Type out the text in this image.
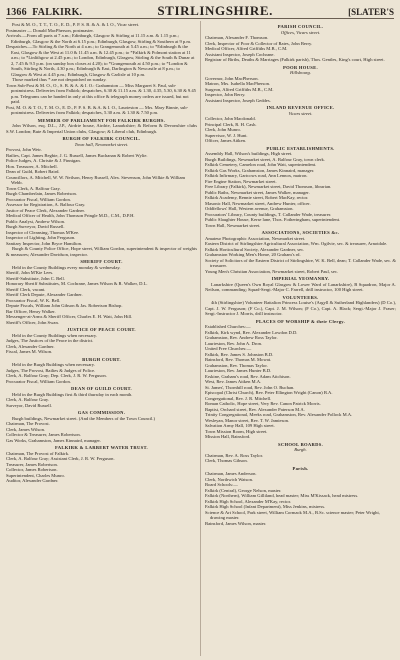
1366 FALKIRK.	STIRLINGSHIRE.	[SLATER'S
Post & M. O., T. T., T. O., E. D., P. P. S. B. & A. & I. O., Vicar street.
Postmaster — Donald MacPherson, postmaster.
Arrivals.—From all parts at 7 a.m.; Edinburgh, Glasgow & Stirling at 11.15 a.m. & 1.15 p.m.; Edinburgh, Glasgow & the North at 6.15 p.m.; Edinburgh, Glasgow, Stirling & Southern at 9 p.m.
Despatches.—To Stirling & the North at 4 a.m.; to Grangemouth at 5.45 a.m.; to *Edinburgh & the East, Glasgow & the West at 11.0 & 11.45 a.m. & 12.45 p.m.; to *Falkirk & Polmont station at 11 a.m.; to *Linlithgow at 2.45 p.m.; to London, Edinburgh, Glasgow, Stirling & the South & Dunar at 2, 7.45 & 9.5 p.m. (on sunday box closes at 4.20); to *Grangemouth at 4.50 p.m.; to *London & South, Stirling & North, 4.30 p.m.; Edinburgh & East, Darlington & Newcastle at 8 p.m.; to Glasgow & West at 4.45 p.m.; Edinburgh, Glasgow & Carlisle at 10 p.m.
Those marked thus * are not despatched on sunday.
Town Sub-Post & M. O., O., S. B. & A. & I. O.: Grahamston — Miss Margaret S. Paul, sub-postmistress. Deliveries from Falkirk; despatches, 6.30 & 11.15 a.m. & 1.30, 4.35, 5.30, 6.30 & 9.45 p.m. Telegrams can be handed in only at this office & telegraph money orders are issued, but not paid.
Post, M. O. & T. O., T. M. O., E. D., P. P. S. B. & A. & I. O., Laurieston — Mrs. Mary Binnie, sub-postmistress. Deliveries from Falkirk; despatches, 5.30 a.m. & 1.30 & 7.50 p.m.
MEMBER OF PARLIAMENT FOR FALKIRK BURGHS.
John Wilson, esq. D.L., J.P., Airdrie house, Airdrie, Lanarkshire; & Reform & Devonshire clubs S.W. London; Bute & Imperial Union clubs, Glasgow; & Liberal club, Edinburgh.
BURGH OF FALKIRK COUNCIL.
Town hall, Newmarket street.
Provost, John Weir.
Bailies, Capt. James Begbie, J. G. Russell, James Buchanan & Robert Wylie.
Police Judges, A. Christie & J. Finnigan.
Hon. Treasurer, A. Mitchell.
Dean of Guild, Robert Baird.
Councillors, A. Mitchell, W. W. Neilson, Henry Russell, Alex. Stevenson, John Wilkie & William Webb.
Town Clerk, A. Balfour Gray.
Burgh Chamberlain, James Robertson.
Procurator Fiscal, William Gordon.
Assessor for Registration, A. Balfour Gray.
Justice of Peace Clerk, Alexander Gardner.
Medical Officer of Health, John Thomson Pringle M.D., C.M., D.P.H.
Public Analyst, Andrew Wilson.
Burgh Surveyor, David Russell.
Inspector of Cleansing, Thomas M'Kee.
Inspector of Lighting, John Ferguson.
Sanitary Inspector, John Bryce Hamilton.
Burgh & County Police Office, Hope street, William Gordon, superintendent & inspector of weights & measures; Alexander Davidson, inspector.
SHERIFF COURT.
Held in the County Buildings every monday & wednesday.
Sheriff, John M'Kie Lees.
Sheriff-Substitute, John C. Bell.
Honorary Sheriff Substitutes, M. Cochrane, James Wilson & R. Walker, D.L.
Sheriff Clerk, vacant.
Sheriff Clerk Depute, Alexander Gardner.
Procurator Fiscal, W. K. Bell.
Depute Fiscals, William John Gibson & Jas. Robertson Bishop.
Bar Officer, Henry Walker.
Messenger-at-Arms & Sheriff Officer, Charles E. H. Watt, John Hill.
Sheriff's Officer, John Swan.
JUSTICE OF PEACE COURT.
Held in the County Buildings when necessary.
Judges, The Justices of the Peace in the district.
Clerk, Alexander Gardner.
Fiscal, James M. Wilson.
BURGH COURT.
Held in the Burgh Buildings when necessary.
Judges, The Provost, Bailies & Judges of Police.
Clerk, A. Balfour Gray; Dep. Clerk, J. R. W. Ferguson.
Procurator Fiscal, William Gordon.
DEAN OF GUILD COURT.
Held in the Burgh Buildings first & third thursday in each month.
Clerk, A. Balfour Gray.
Surveyor, David Russell.
GAS COMMISSION.
Burgh buildings, Newmarket street. (And the Members of the Town Council.)
Chairman, The Provost.
Clerk, James Wilson.
Collector & Treasurer, James Robertson.
Gas Works, Grahamston, James Kinnaird, manager.
FALKIRK & LARBERT WATER TRUST.
Chairman, The Provost of Falkirk.
Clerk, A. Balfour Gray; Assistant Clerk, J. R. W. Ferguson.
Treasurer, James Robertson.
Collector, James Robertson.
Superintendent, Charles Munro.
Auditor, Alexander Gardner.
PARISH COUNCIL.
Offices, Vicars street.
Chairman, Alexander F. Thomson.
Clerk, Inspector of Poor & Collector of Rates, John Berry.
Medical Officer, Alfred Griffiths M.B., C.M.
Assistant Inspector, Joseph Cochrane.
Registrar of Births, Deaths & Marriages (Falkirk parish), Thos. Gentles, King's court, High street.
POOR HOUSE.
Hillsbourg.
Governor, John MacPherson.
Matron, Mrs. Isabella MacPherson.
Surgeon, Alfred Griffiths M.B., C.M.
Inspector, John Berry.
Assistant Inspector, Joseph Geddes.
INLAND REVENUE OFFICE.
Vicars street.
Collector, John Macdonald.
Principal Clerk, R. H. Cash.
Clerk, John Munro.
Supervisor, W. J. Hunt.
Officer, James Aitken.
PUBLIC ESTABLISHMENTS.
Assembly Hall, Wilson's buildings, High street.
Burgh Buildings, Newmarket street, A. Balfour Gray, town clerk.
Falkirk Cemetery, Camelon road, John Watt, superintendent.
Falkirk Gas Works, Grahamston, James Kinnaird, manager.
Falkirk Infirmary, Gartcows road, Ann Lennox, matron.
Fire Engine Station, Newmarket street.
Free Library (Falkirk), Newmarket street, David Thomson, librarian.
Public Baths, Newmarket street, James Walker, manager.
Falkirk Academy, Rennie street, Robert MacKay, rector.
Masonic Hall, Newmarket street, Andrew Hunter, officer.
Oddfellows' Hall, Western avenue, Grahamston.
Procurators' Library, County buildings, T. Callander Wade, treasurer.
Public Slaughter House, Kerse lane, Thos. Fotheringham, superintendent.
Town Hall, Newmarket street.
ASSOCIATIONS, SOCIETIES &c.
Amateur Photographic Association, Newmarket street.
Eastern District of Stirlingshire Agricultural Association, Wm. Ogilvie, sec. & treasurer, Arnotdale.
Falkirk Horticultural Society, Alexander Gardner, sec.
Grahamston Working Men's Home, 20 Graham's rd.
Society of Solicitors of the Eastern District of Stirlingshire, W. K. Bell, dean; T. Callander Wade, sec. & treasurer.
Young Men's Christian Association, Newmarket street, Robert Paul, sec.
IMPERIAL YEOMANRY.
Lanarkshire (Queen's Own Royal Glasgow & Lower Ward of Lanarkshire), B Squadron, Major A. Neilson, commanding; Squad-Sergt.-Major C. Farrell, drill instructor, 100 High street.
VOLUNTEERS.
4th (Stirlingshire) Volunteer Battalion Princess Louise's (Argyll & Sutherland Highlanders) (D Co.), Capt. J. W. Ferguson; (F Co.), Capt. J. M. Wilson; (F Co.), Capt. A. Black; Sergt.-Major J. Fraser; Sergt.-Instructor J. Morris, drill instructor.
PLACES OF WORSHIP & their Clergy.
Established Churches:—
Falkirk, Kirk wynd, Rev. Alexander Lowdon D.D.
Grahamston, Rev. Andrew Ross Taylor.
Laurieston, Rev. John A. Dron.
United Free Churches:—
Falkirk, Rev. James S. Johnston B.D.
Bainsford, Rev. Thomas M. Mowat.
Grahamston, Rev. Thomas Taylor.
Laurieston, Rev. James Hunter B.D.
Erskine, Graham's road, Rev. Adam Aitchison.
West, Rev. James Aitken M.A.
St. James', Thornhill road, Rev. John O. Buchan.
Episcopal (Christ Church), Rev. Peter Ellington Wright (Canon) B.A.
Congregational, Rev. J. R. Mitchell.
Roman Catholic, Hope street, Very Rev. Canon Patrick Morris.
Baptist, Orchard street, Rev. Alexander Paterson M.A.
Trinity Congregational, Meeks road, Grahamston, Rev. Alexander Pollock M.A.
Wesleyan, Manor street, Rev. T. W. Jamieson.
Salvation Army Hall, 109 High street.
Town Mission Room, High street.
Mission Hall, Bainsford.
SCHOOL BOARDS.
Burgh.
Chairman, Rev. A. Ross Taylor.
Clerk, Thomas Gibson.
Parish.
Chairman, James Anderson.
Clerk, Northwich Watson.
Board Schools:—
Falkirk (Central), George Nelson, master.
Falkirk (Northern), William Gilliland, head master; Miss M'Kissack, head mistress.
Falkirk High School, Alexander M'Kay, rector.
Falkirk High School (Infant Department), Miss Jenkins, mistress.
Science & Art School, Park street, William Cormack M.A., B.Sc. science master; Peter Wright, drawing master.
Bainsford, James Wilson, master.
